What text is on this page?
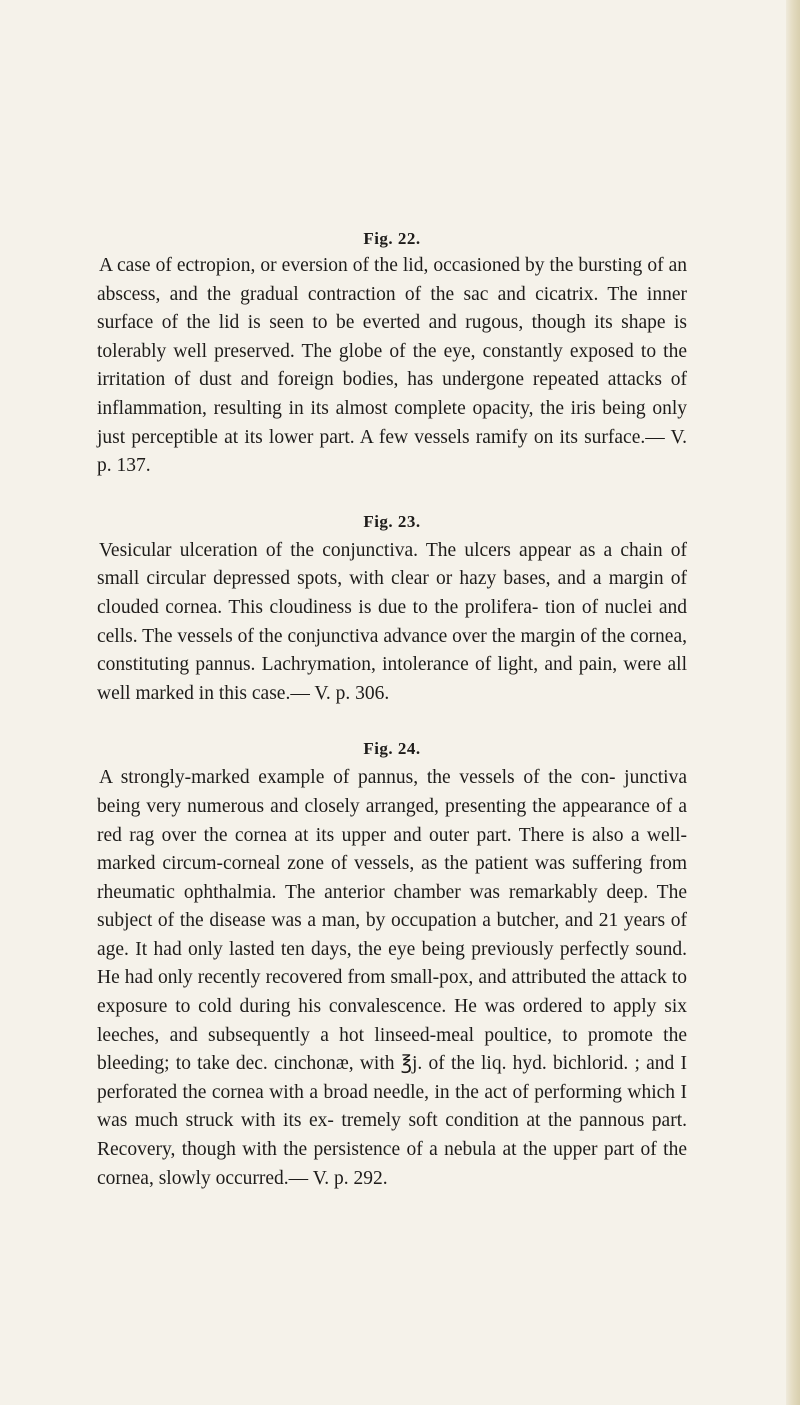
Fig. 22.

A case of ectropion, or eversion of the lid, occasioned by the bursting of an abscess, and the gradual contraction of the sac and cicatrix. The inner surface of the lid is seen to be everted and rugous, though its shape is tolerably well preserved. The globe of the eye, constantly exposed to the irritation of dust and foreign bodies, has undergone repeated attacks of inflammation, resulting in its almost complete opacity, the iris being only just perceptible at its lower part. A few vessels ramify on its surface.— V. p. 137.

Fig. 23.

Vesicular ulceration of the conjunctiva. The ulcers appear as a chain of small circular depressed spots, with clear or hazy bases, and a margin of clouded cornea. This cloudiness is due to the prolifera- tion of nuclei and cells. The vessels of the conjunctiva advance over the margin of the cornea, constituting pannus. Lachrymation, intolerance of light, and pain, were all well marked in this case.— V. p. 306.

Fig. 24.

A strongly-marked example of pannus, the vessels of the con- junctiva being very numerous and closely arranged, presenting the appearance of a red rag over the cornea at its upper and outer part. There is also a well-marked circum-corneal zone of vessels, as the patient was suffering from rheumatic ophthalmia. The anterior chamber was remarkably deep. The subject of the disease was a man, by occupation a butcher, and 21 years of age. It had only lasted ten days, the eye being previously perfectly sound. He had only recently recovered from small-pox, and attributed the attack to exposure to cold during his convalescence. He was ordered to apply six leeches, and subsequently a hot linseed-meal poultice, to promote the bleeding; to take dec. cinchonæ, with ℥j. of the liq. hyd. bichlorid. ; and I perforated the cornea with a broad needle, in the act of performing which I was much struck with its ex- tremely soft condition at the pannous part. Recovery, though with the persistence of a nebula at the upper part of the cornea, slowly occurred.— V. p. 292.
